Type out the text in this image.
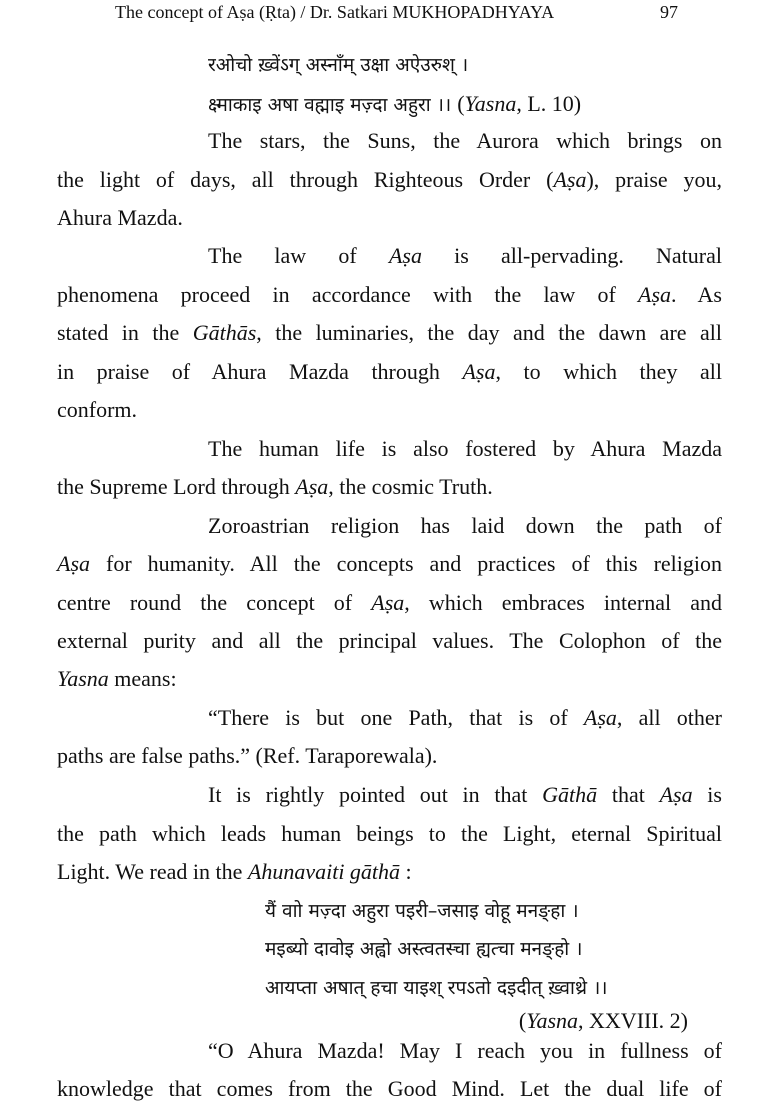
The concept of Aṣa (Ṛta) / Dr. Satkari MUKHOPADHYAYA	97
रओचो ख़्वेंऽग् अस्नाँम् उक्षा अऐउरुश् ।
क्ष्माकाइ अषा वह्माइ मज़्दा अहुरा ।। (Yasna, L. 10)
The stars, the Suns, the Aurora which brings on
the light of days, all through Righteous Order (Aṣa), praise you,
Ahura Mazda.
The law of Aṣa is all-pervading. Natural
phenomena proceed in accordance with the law of Aṣa. As
stated in the Gāthās, the luminaries, the day and the dawn are all
in praise of Ahura Mazda through Aṣa, to which they all
conform.
The human life is also fostered by Ahura Mazda
the Supreme Lord through Aṣa, the cosmic Truth.
Zoroastrian religion has laid down the path of
Aṣa for humanity. All the concepts and practices of this religion
centre round the concept of Aṣa, which embraces internal and
external purity and all the principal values. The Colophon of the
Yasna means:
“There is but one Path, that is of Aṣa, all other
paths are false paths.” (Ref. Taraporewala).
It is rightly pointed out in that Gāthā that Aṣa is
the path which leads human beings to the Light, eternal Spiritual
Light. We read in the Ahunavaiti gāthā :
यैं वाो मज़्दा अहुरा पइरी–जसाइ वोहू मनङ्हा ।
मइब्यो दावोइ अह्वो अस्त्वतस्चा ह्यत्चा मनङ्हो ।
आयप्ता अषात् हचा याइश् रपऽतो दइदीत् ख़्वाथ्रे ।।
(Yasna, XXVIII. 2)
“O Ahura Mazda! May I reach you in fullness of
knowledge that comes from the Good Mind. Let the dual life of
